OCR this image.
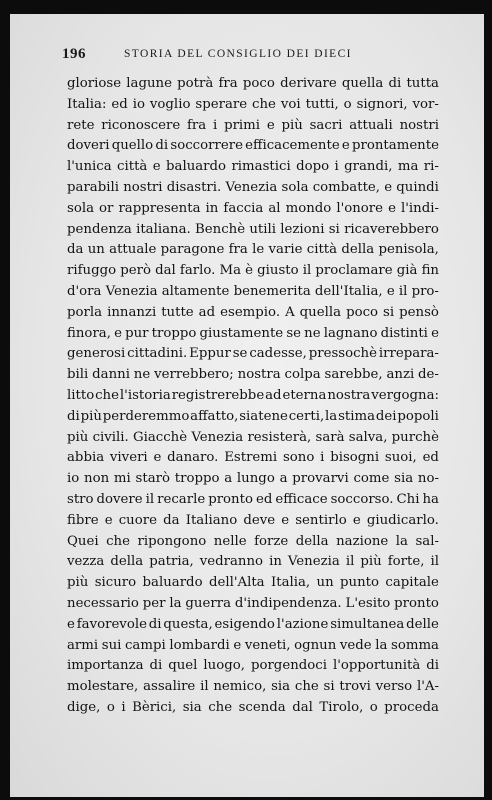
196	STORIA DEL CONSIGLIO DEI DIECI
gloriose lagune potrà fra poco derivare quella di tutta
Italia: ed io voglio sperare che voi tutti, o signori, vor-
rete riconoscere fra i primi e più sacri attuali nostri
doveri quello di soccorrere efficacemente e prontamente
l'unica città e baluardo rimastici dopo i grandi, ma ri-
parabili nostri disastri. Venezia sola combatte, e quindi
sola or rappresenta in faccia al mondo l'onore e l'indi-
pendenza italiana. Benchè utili lezioni si ricaverebbero
da un attuale paragone fra le varie città della penisola,
rifuggo però dal farlo. Ma è giusto il proclamare già fin
d'ora Venezia altamente benemerita dell'Italia, e il pro-
porla innanzi tutte ad esempio. A quella poco si pensò
finora, e pur troppo giustamente se ne lagnano distinti e
generosi cittadini. Eppur se cadesse, pressochè irrepara-
bili danni ne verrebbero; nostra colpa sarebbe, anzi de-
litto che l'istoria registrerebbe ad eterna nostra vergogna:
di più perderemmo affatto, siatene certi, la stima dei popoli
più civili. Giacchè Venezia resisterà, sarà salva, purchè
abbia viveri e danaro. Estremi sono i bisogni suoi, ed
io non mi starò troppo a lungo a provarvi come sia no-
stro dovere il recarle pronto ed efficace soccorso. Chi ha
fibre e cuore da Italiano deve e sentirlo e giudicarlo.
Quei che ripongono nelle forze della nazione la sal-
vezza della patria, vedranno in Venezia il più forte, il
più sicuro baluardo dell'Alta Italia, un punto capitale
necessario per la guerra d'indipendenza. L'esito pronto
e favorevole di questa, esigendo l'azione simultanea delle
armi sui campi lombardi e veneti, ognun vede la somma
importanza di quel luogo, porgendoci l'opportunità di
molestare, assalire il nemico, sia che si trovi verso l'A-
dige, o i Bèrici, sia che scenda dal Tirolo, o proceda
